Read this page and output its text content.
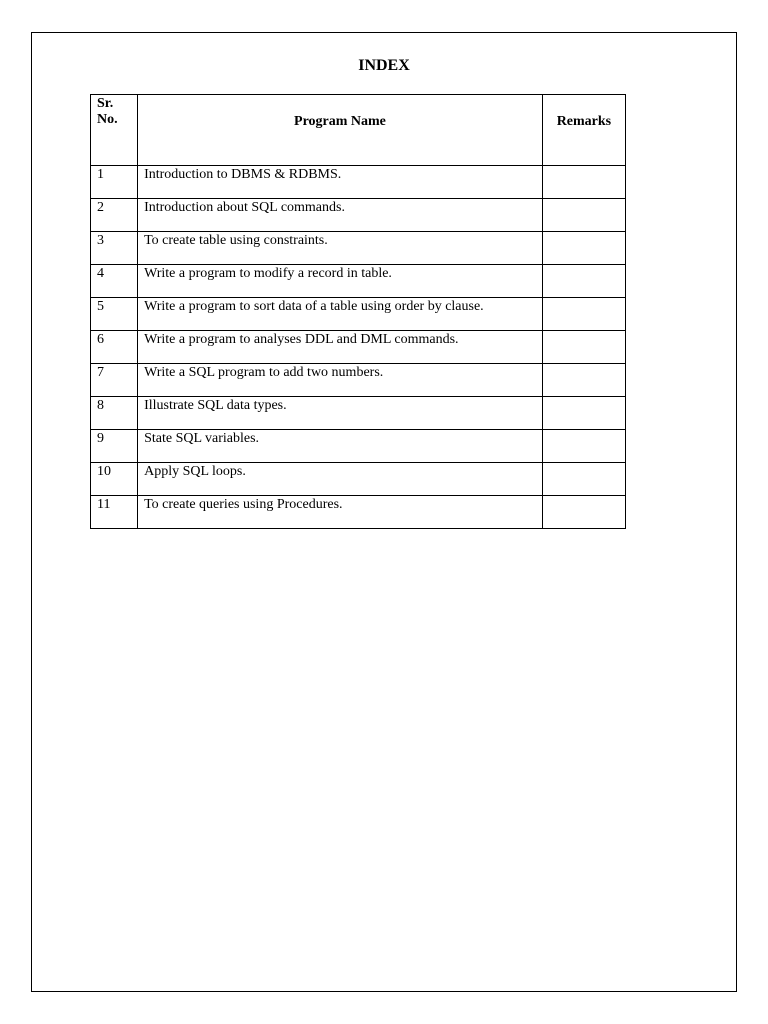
INDEX
Sr. No.	Program Name	Remarks
1	Introduction to DBMS & RDBMS.	
2	Introduction about SQL commands.	
3	To create table using constraints.	
4	Write a program to modify a record in table.	
5	Write a program to sort data of a table using order by clause.	
6	Write a program to analyses DDL and DML commands.	
7	Write a SQL program to add two numbers.	
8	Illustrate SQL data types.	
9	State SQL variables.	
10	Apply SQL loops.	
11	To create queries using Procedures.	
